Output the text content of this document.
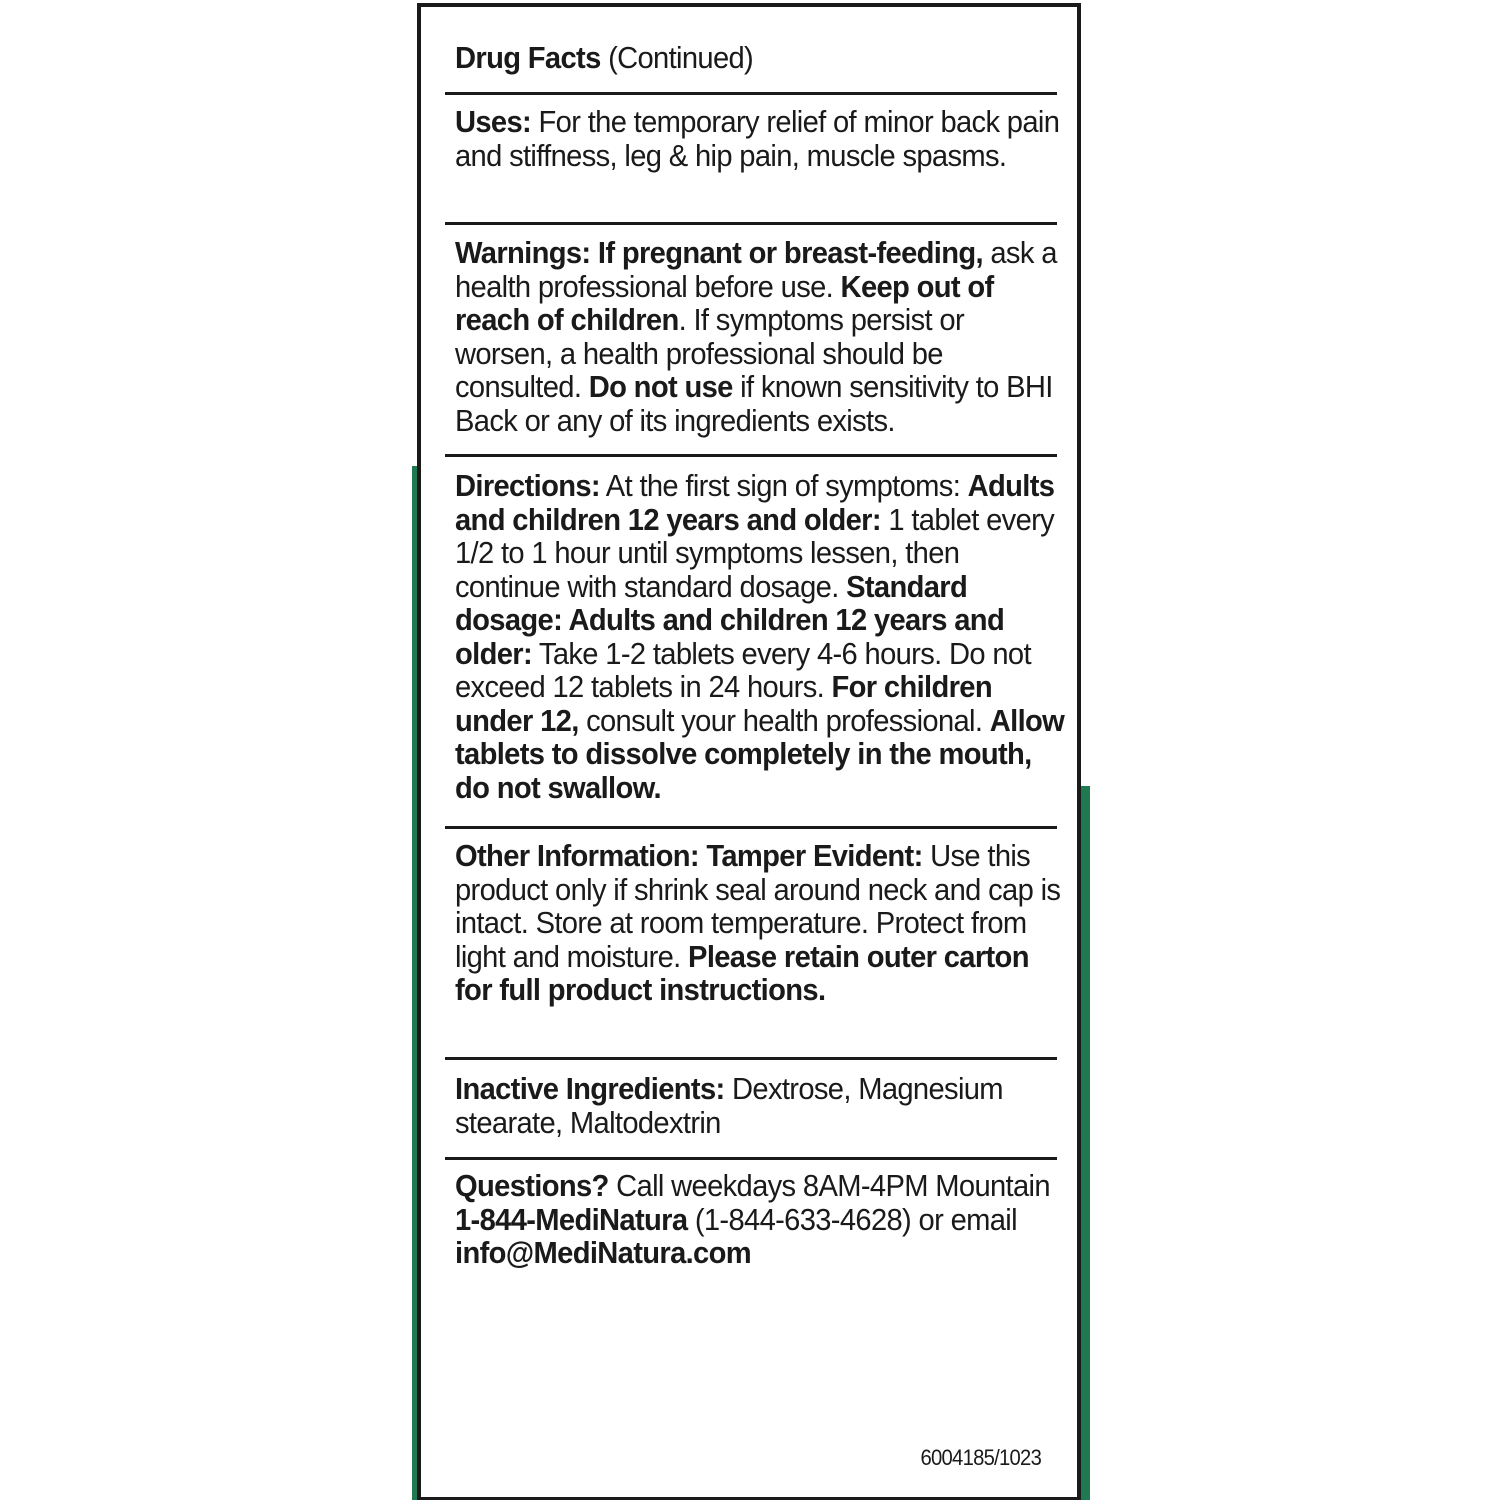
Drug Facts (Continued)
Uses: For the temporary relief of minor back pain and stiffness, leg & hip pain, muscle spasms.
Warnings: If pregnant or breast-feeding, ask a health professional before use. Keep out of reach of children. If symptoms persist or worsen, a health professional should be consulted. Do not use if known sensitivity to BHI Back or any of its ingredients exists.
Directions: At the first sign of symptoms: Adults and children 12 years and older: 1 tablet every 1/2 to 1 hour until symptoms lessen, then continue with standard dosage. Standard dosage: Adults and children 12 years and older: Take 1-2 tablets every 4-6 hours. Do not exceed 12 tablets in 24 hours. For children under 12, consult your health professional. Allow tablets to dissolve completely in the mouth, do not swallow.
Other Information: Tamper Evident: Use this product only if shrink seal around neck and cap is intact. Store at room temperature. Protect from light and moisture. Please retain outer carton for full product instructions.
Inactive Ingredients: Dextrose, Magnesium stearate, Maltodextrin
Questions? Call weekdays 8AM-4PM Mountain 1-844-MediNatura (1-844-633-4628) or email info@MediNatura.com
6004185/1023
